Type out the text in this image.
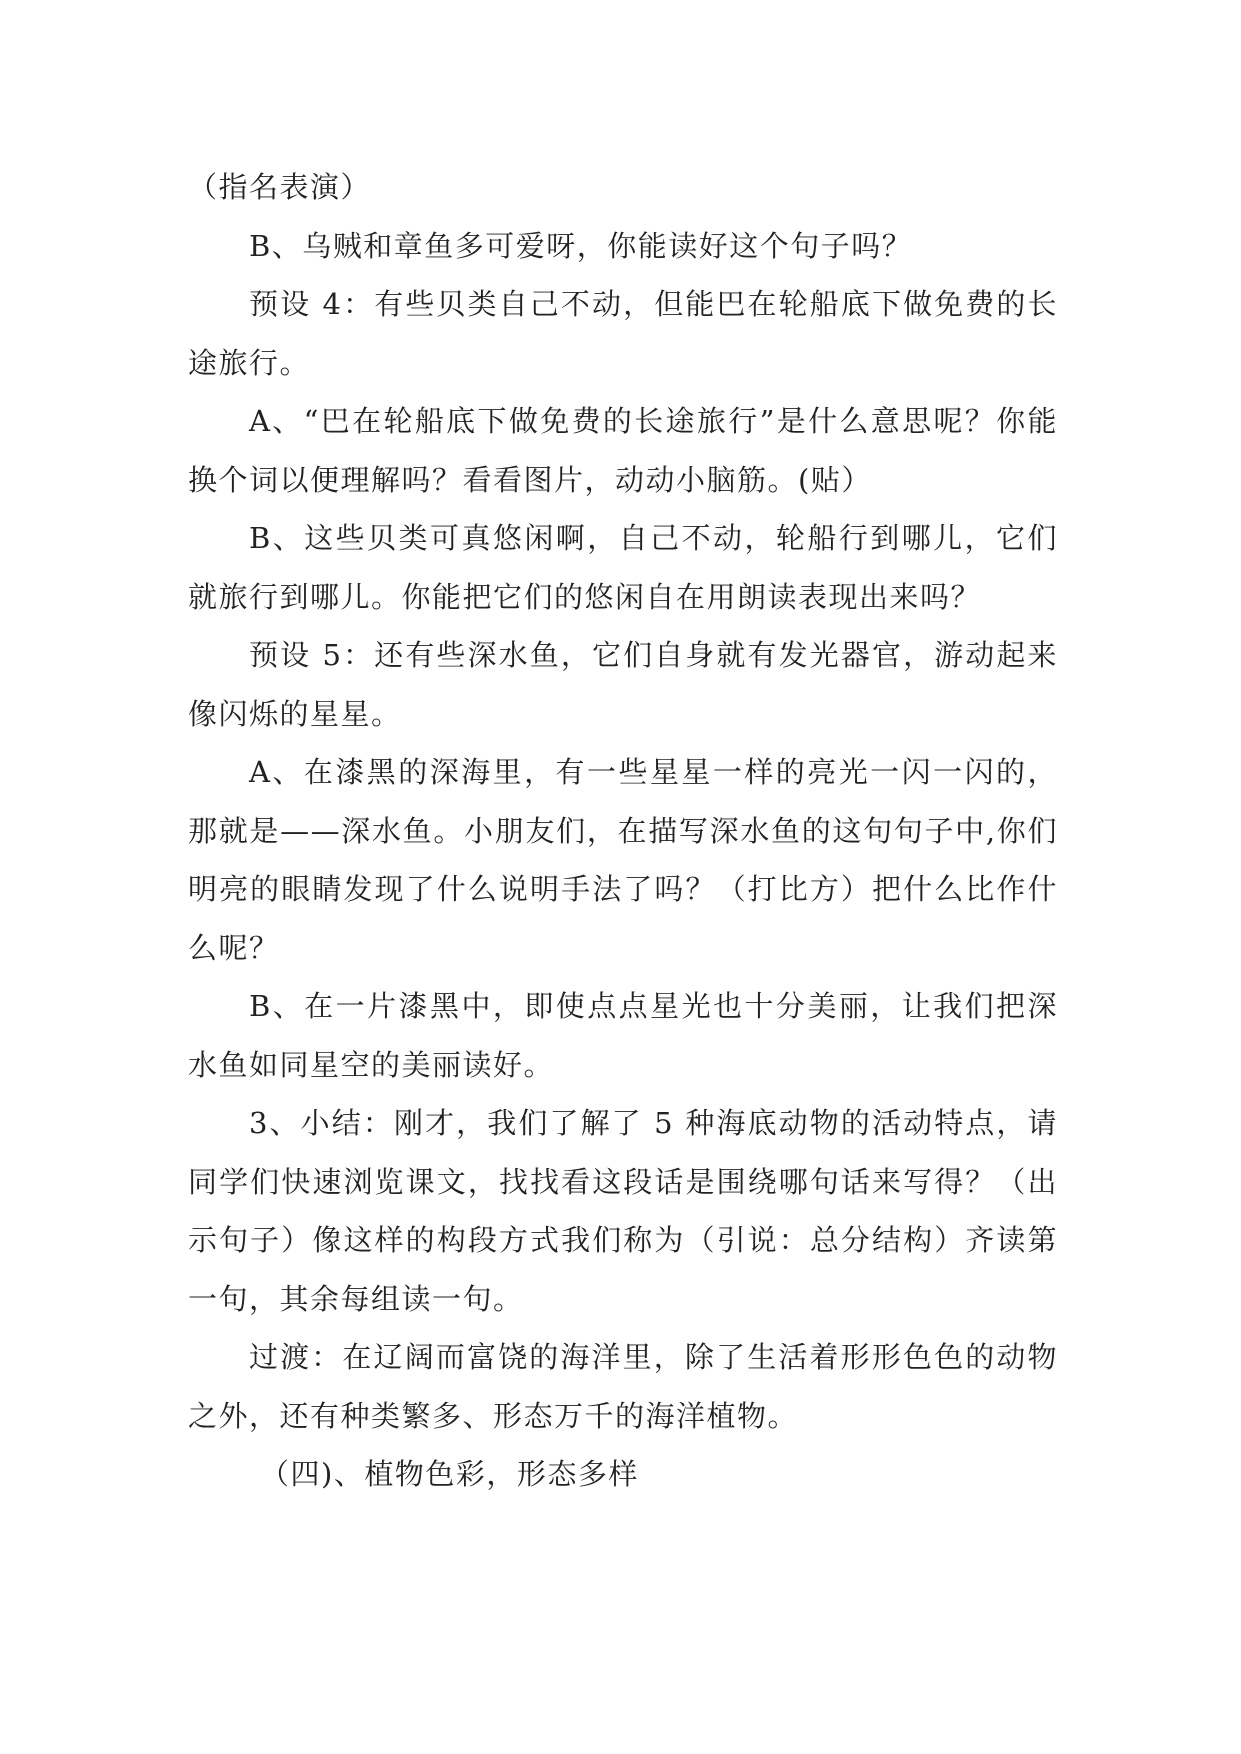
（指名表演）

B、乌贼和章鱼多可爱呀，你能读好这个句子吗？

预设 4：有些贝类自己不动，但能巴在轮船底下做免费的长途旅行。

A、“巴在轮船底下做免费的长途旅行”是什么意思呢？你能换个词以便理解吗？看看图片，动动小脑筋。(贴）

B、这些贝类可真悠闲啊，自己不动，轮船行到哪儿，它们就旅行到哪儿。你能把它们的悠闲自在用朗读表现出来吗？

预设 5：还有些深水鱼，它们自身就有发光器官，游动起来像闪烁的星星。

A、在漆黑的深海里，有一些星星一样的亮光一闪一闪的，那就是——深水鱼。小朋友们，在描写深水鱼的这句句子中,你们明亮的眼睛发现了什么说明手法了吗？（打比方）把什么比作什么呢？

B、在一片漆黑中，即使点点星光也十分美丽，让我们把深水鱼如同星空的美丽读好。

3、小结：刚才，我们了解了 5 种海底动物的活动特点，请同学们快速浏览课文，找找看这段话是围绕哪句话来写得？（出示句子）像这样的构段方式我们称为（引说：总分结构）齐读第一句，其余每组读一句。

过渡：在辽阔而富饶的海洋里，除了生活着形形色色的动物之外，还有种类繁多、形态万千的海洋植物。

（四)、植物色彩，形态多样
